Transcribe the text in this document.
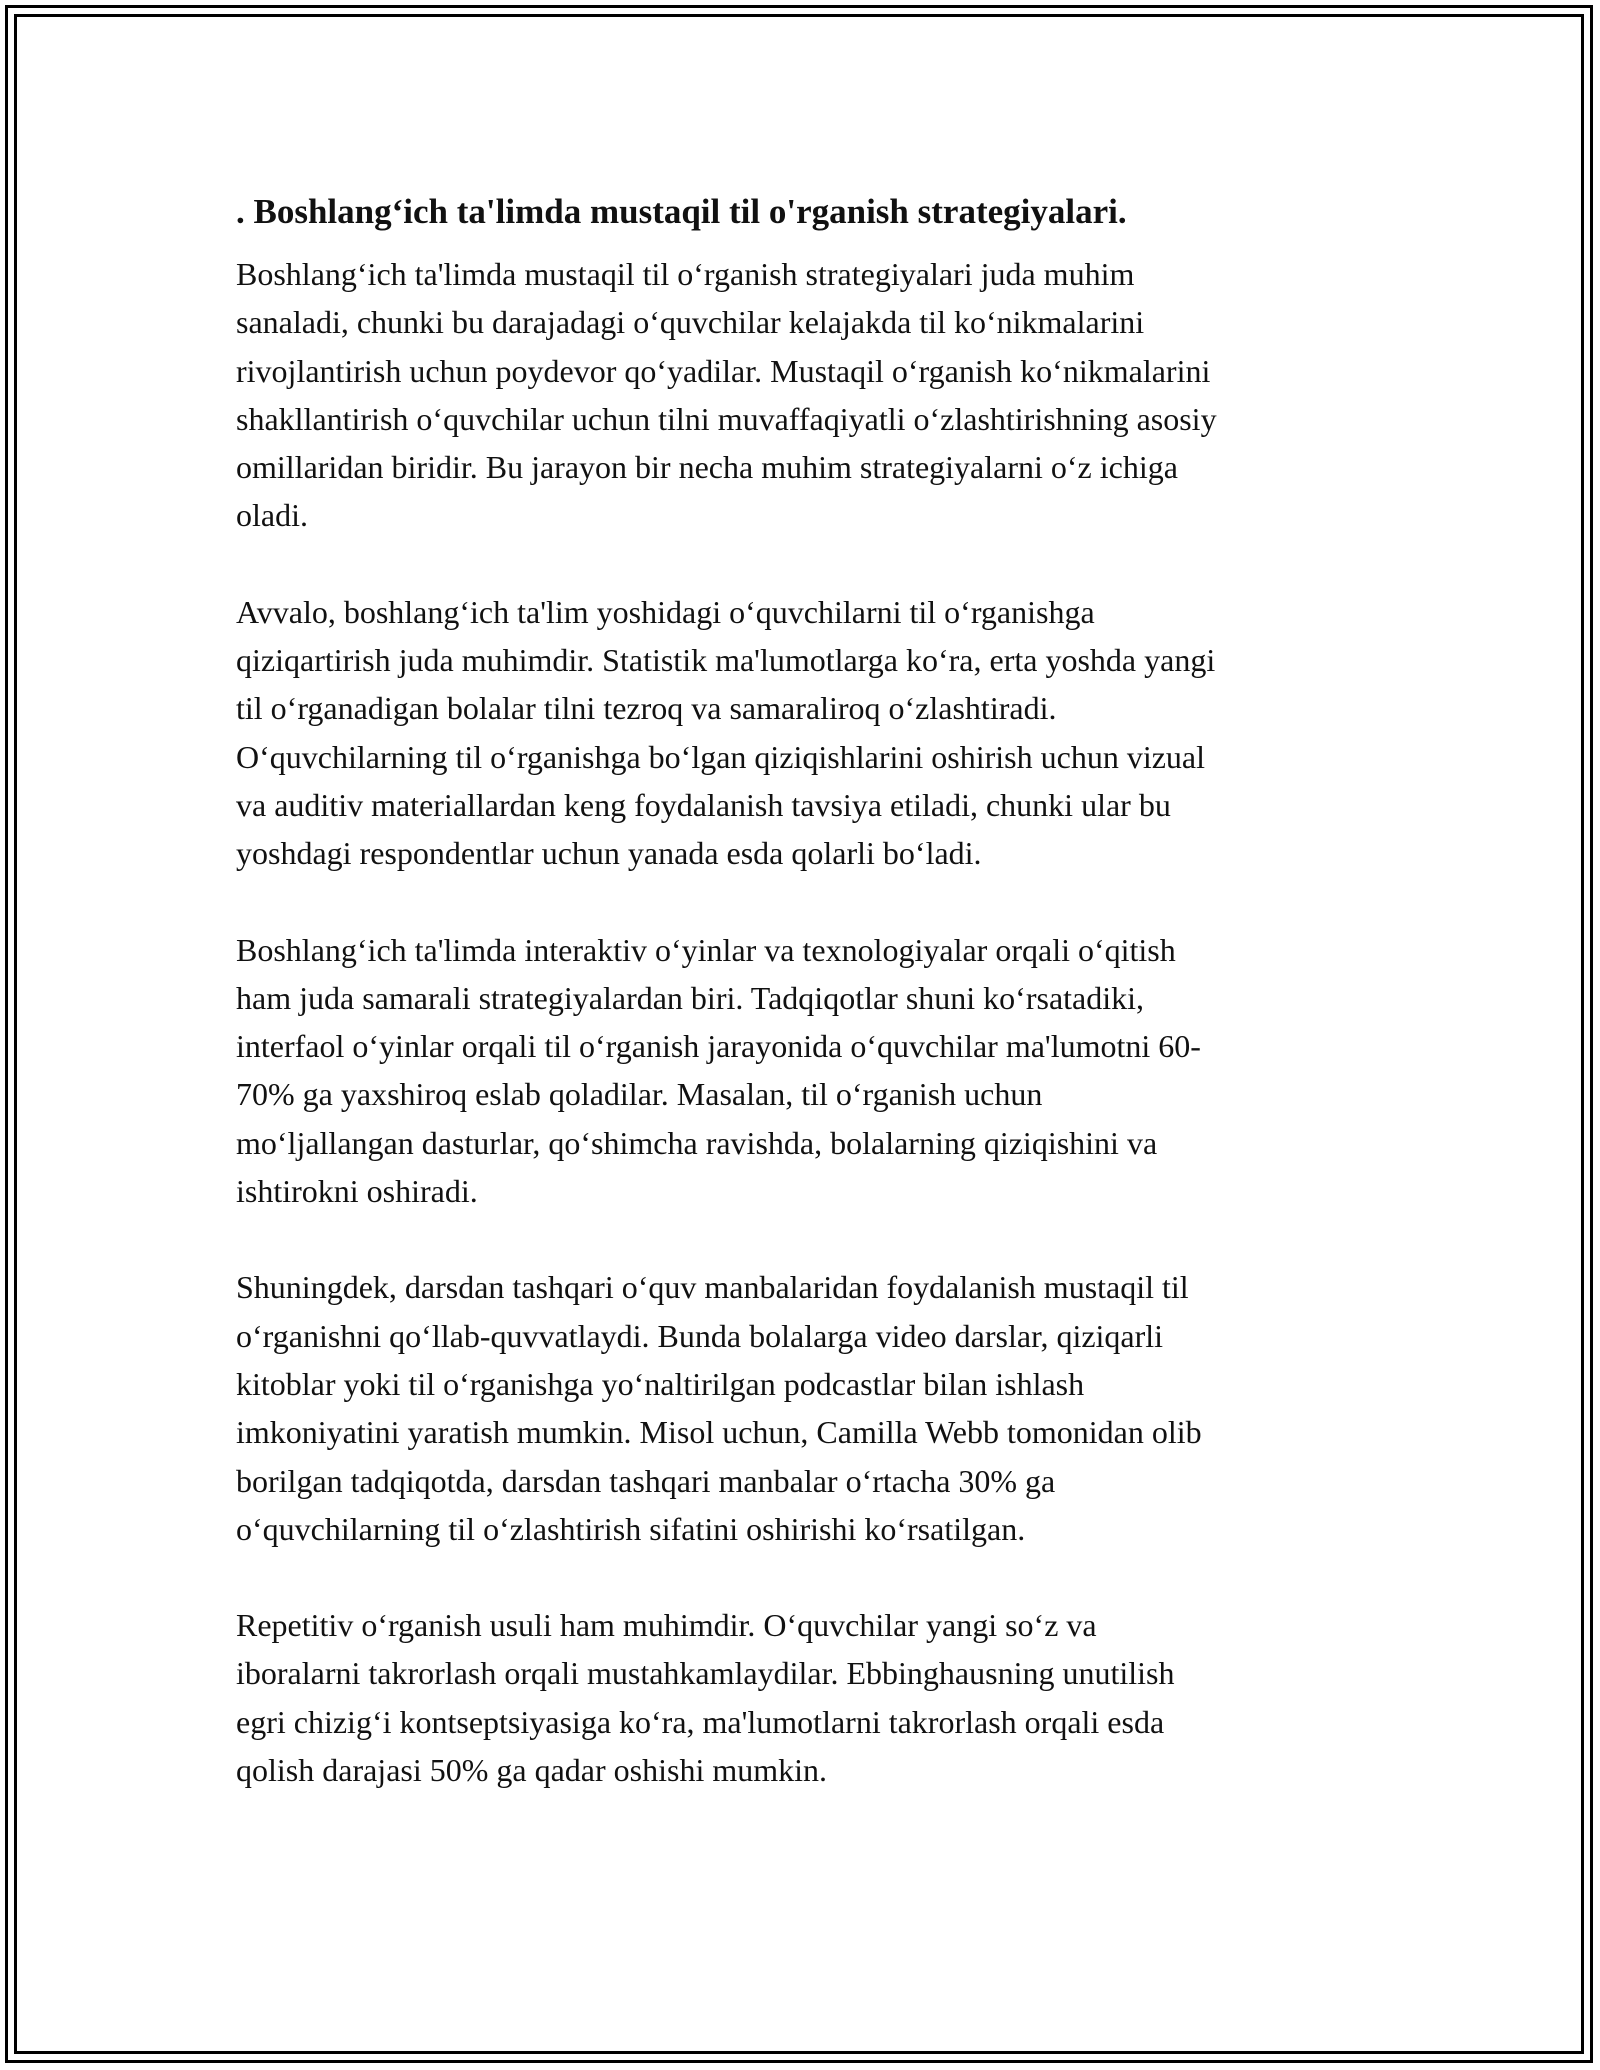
. Boshlang‘ich ta'limda mustaqil til o'rganish strategiyalari.

Boshlang‘ich ta'limda mustaqil til o‘rganish strategiyalari juda muhim
sanaladi, chunki bu darajadagi o‘quvchilar kelajakda til ko‘nikmalarini
rivojlantirish uchun poydevor qo‘yadilar. Mustaqil o‘rganish ko‘nikmalarini
shakllantirish o‘quvchilar uchun tilni muvaffaqiyatli o‘zlashtirishning asosiy
omillaridan biridir. Bu jarayon bir necha muhim strategiyalarni o‘z ichiga
oladi.

Avvalo, boshlang‘ich ta'lim yoshidagi o‘quvchilarni til o‘rganishga
qiziqartirish juda muhimdir. Statistik ma'lumotlarga ko‘ra, erta yoshda yangi
til o‘rganadigan bolalar tilni tezroq va samaraliroq o‘zlashtiradi.
O‘quvchilarning til o‘rganishga bo‘lgan qiziqishlarini oshirish uchun vizual
va auditiv materiallardan keng foydalanish tavsiya etiladi, chunki ular bu
yoshdagi respondentlar uchun yanada esda qolarli bo‘ladi.

Boshlang‘ich ta'limda interaktiv o‘yinlar va texnologiyalar orqali o‘qitish
ham juda samarali strategiyalardan biri. Tadqiqotlar shuni ko‘rsatadiki,
interfaol o‘yinlar orqali til o‘rganish jarayonida o‘quvchilar ma'lumotni 60-
70% ga yaxshiroq eslab qoladilar. Masalan, til o‘rganish uchun
mo‘ljallangan dasturlar, qo‘shimcha ravishda, bolalarning qiziqishini va
ishtirokni oshiradi.

Shuningdek, darsdan tashqari o‘quv manbalaridan foydalanish mustaqil til
o‘rganishni qo‘llab-quvvatlaydi. Bunda bolalarga video darslar, qiziqarli
kitoblar yoki til o‘rganishga yo‘naltirilgan podcastlar bilan ishlash
imkoniyatini yaratish mumkin. Misol uchun, Camilla Webb tomonidan olib
borilgan tadqiqotda, darsdan tashqari manbalar o‘rtacha 30% ga
o‘quvchilarning til o‘zlashtirish sifatini oshirishi ko‘rsatilgan.

Repetitiv o‘rganish usuli ham muhimdir. O‘quvchilar yangi so‘z va
iboralarni takrorlash orqali mustahkamlaydilar. Ebbinghausning unutilish
egri chizig‘i kontseptsiyasiga ko‘ra, ma'lumotlarni takrorlash orqali esda
qolish darajasi 50% ga qadar oshishi mumkin.
